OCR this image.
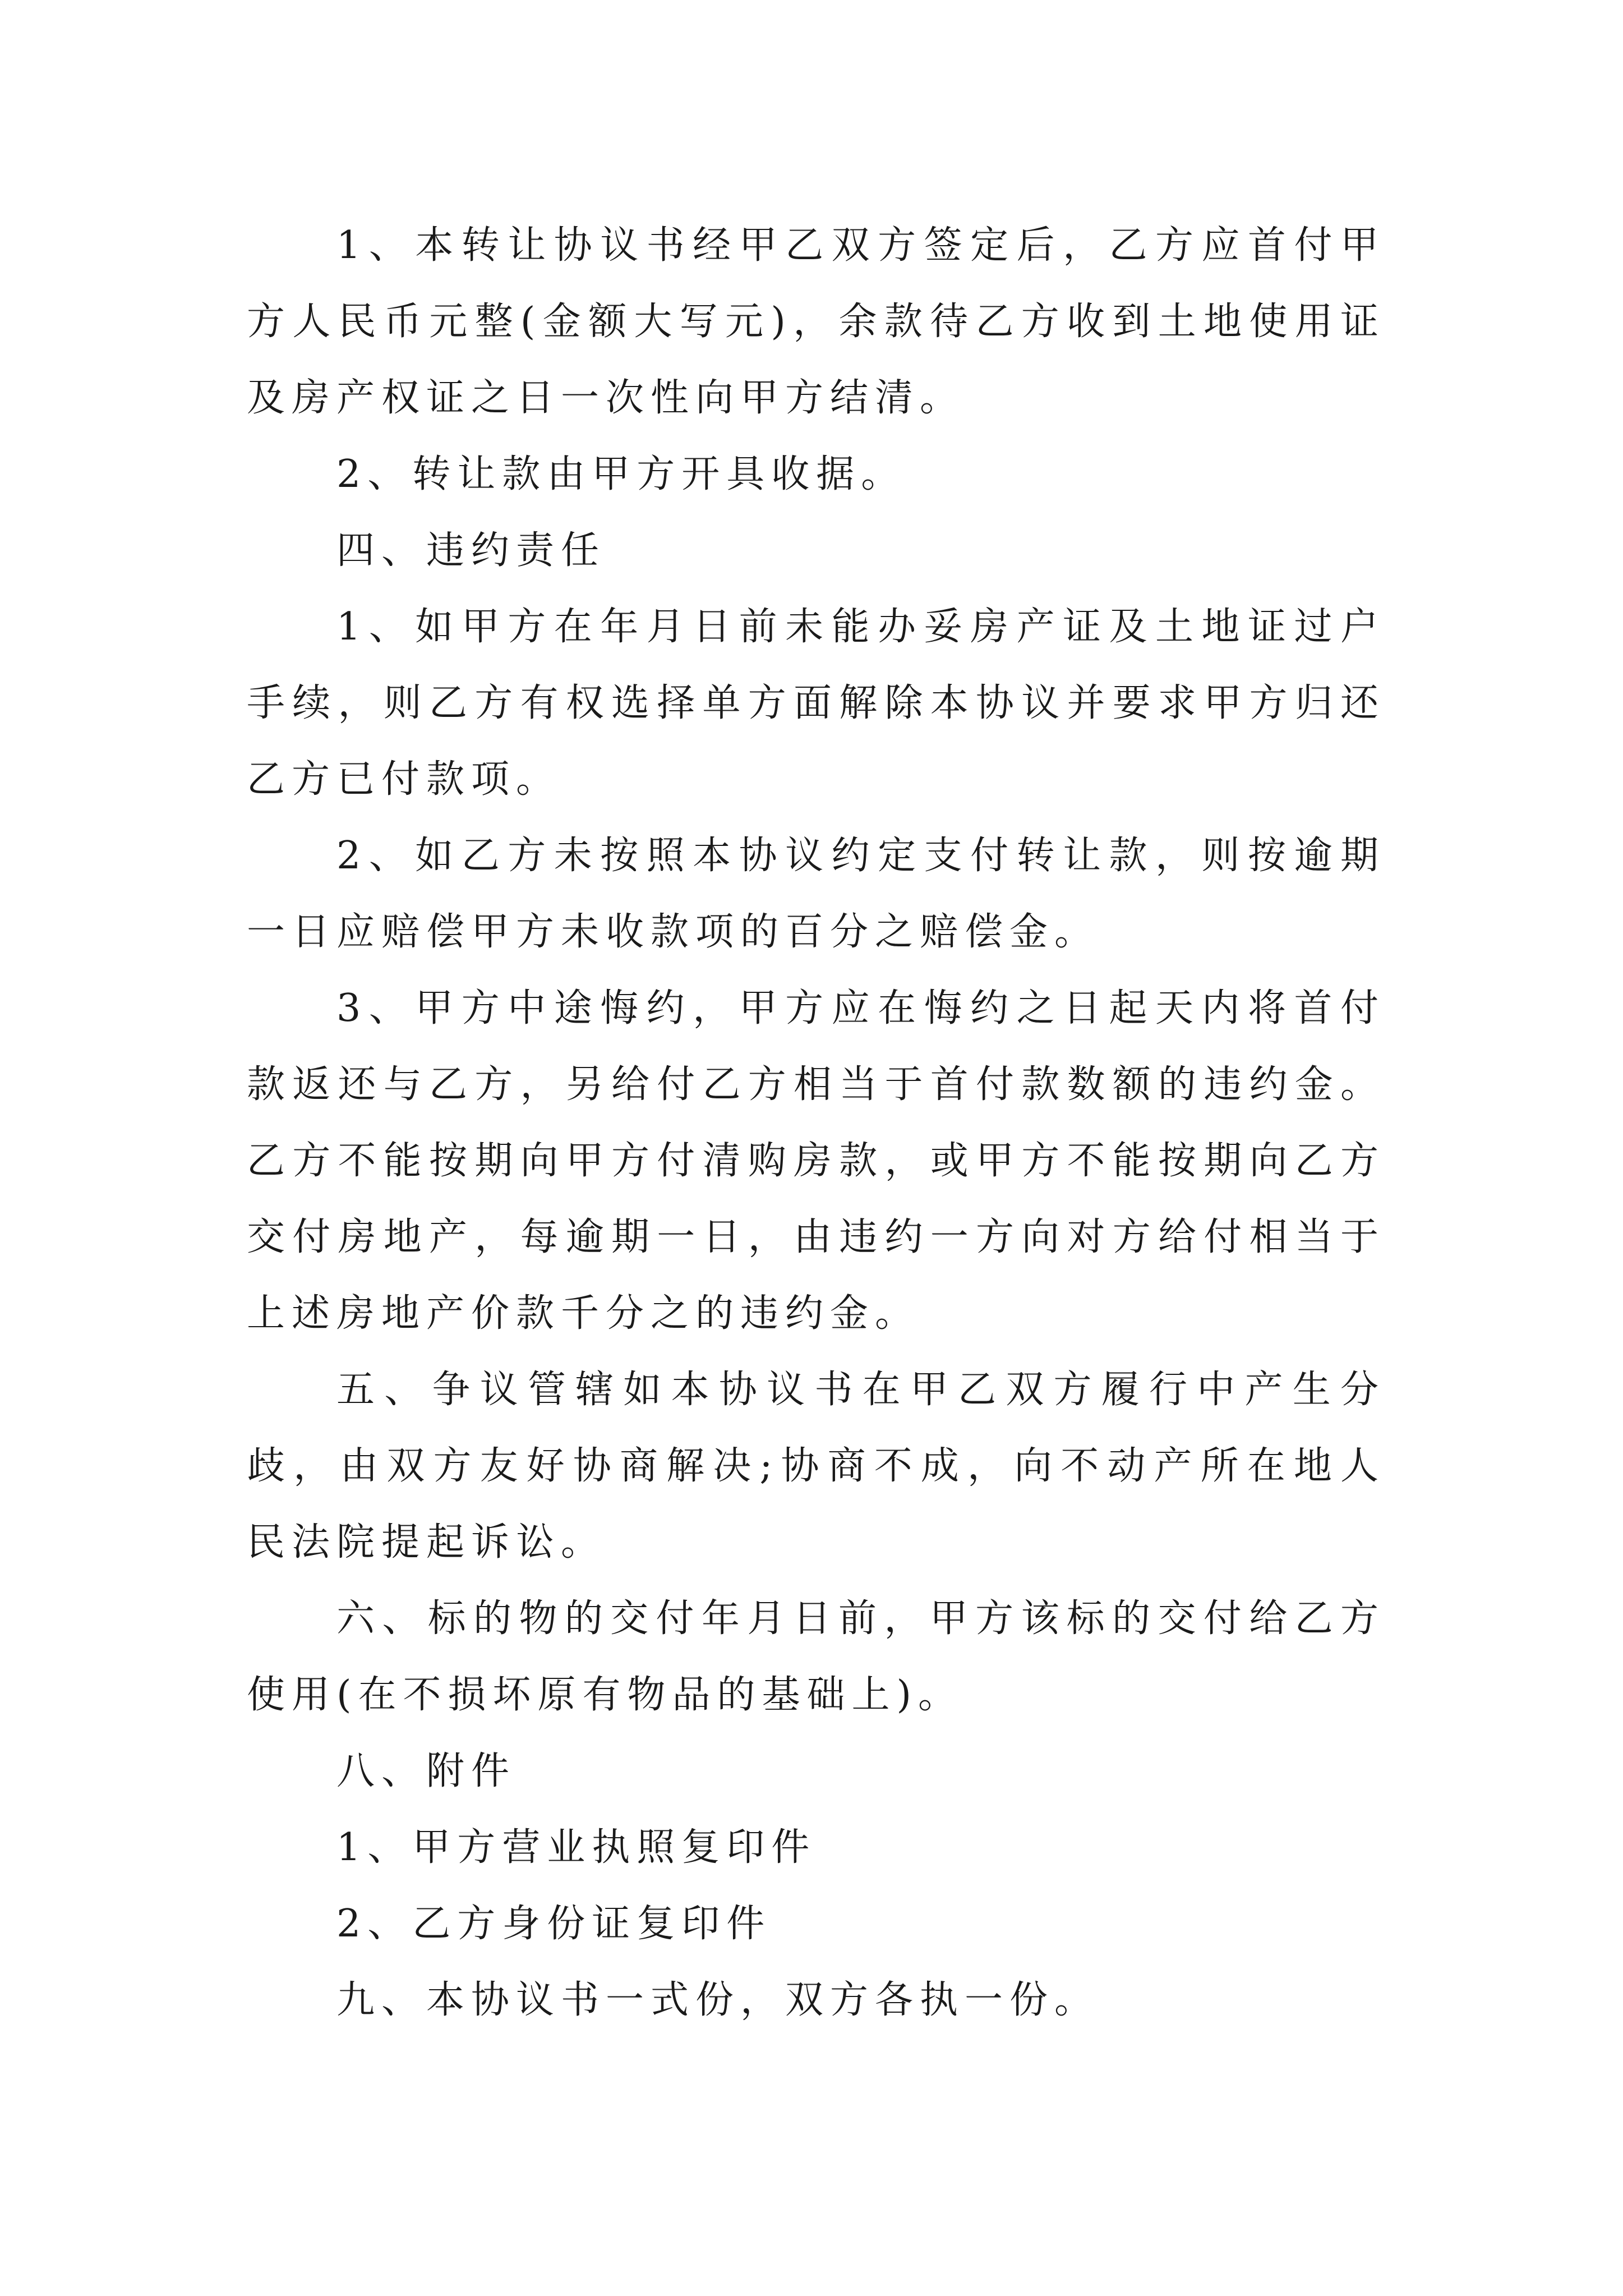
1、本转让协议书经甲乙双方签定后，乙方应首付甲方人民币元整(金额大写元)，余款待乙方收到土地使用证及房产权证之日一次性向甲方结清。

2、转让款由甲方开具收据。

四、违约责任

1、如甲方在年月日前未能办妥房产证及土地证过户手续，则乙方有权选择单方面解除本协议并要求甲方归还乙方已付款项。

2、如乙方未按照本协议约定支付转让款，则按逾期一日应赔偿甲方未收款项的百分之赔偿金。

3、甲方中途悔约，甲方应在悔约之日起天内将首付款返还与乙方，另给付乙方相当于首付款数额的违约金。乙方不能按期向甲方付清购房款，或甲方不能按期向乙方交付房地产，每逾期一日，由违约一方向对方给付相当于上述房地产价款千分之的违约金。

五、争议管辖如本协议书在甲乙双方履行中产生分歧，由双方友好协商解决;协商不成，向不动产所在地人民法院提起诉讼。

六、标的物的交付年月日前，甲方该标的交付给乙方使用(在不损坏原有物品的基础上)。

八、附件

1、甲方营业执照复印件

2、乙方身份证复印件

九、本协议书一式份，双方各执一份。
